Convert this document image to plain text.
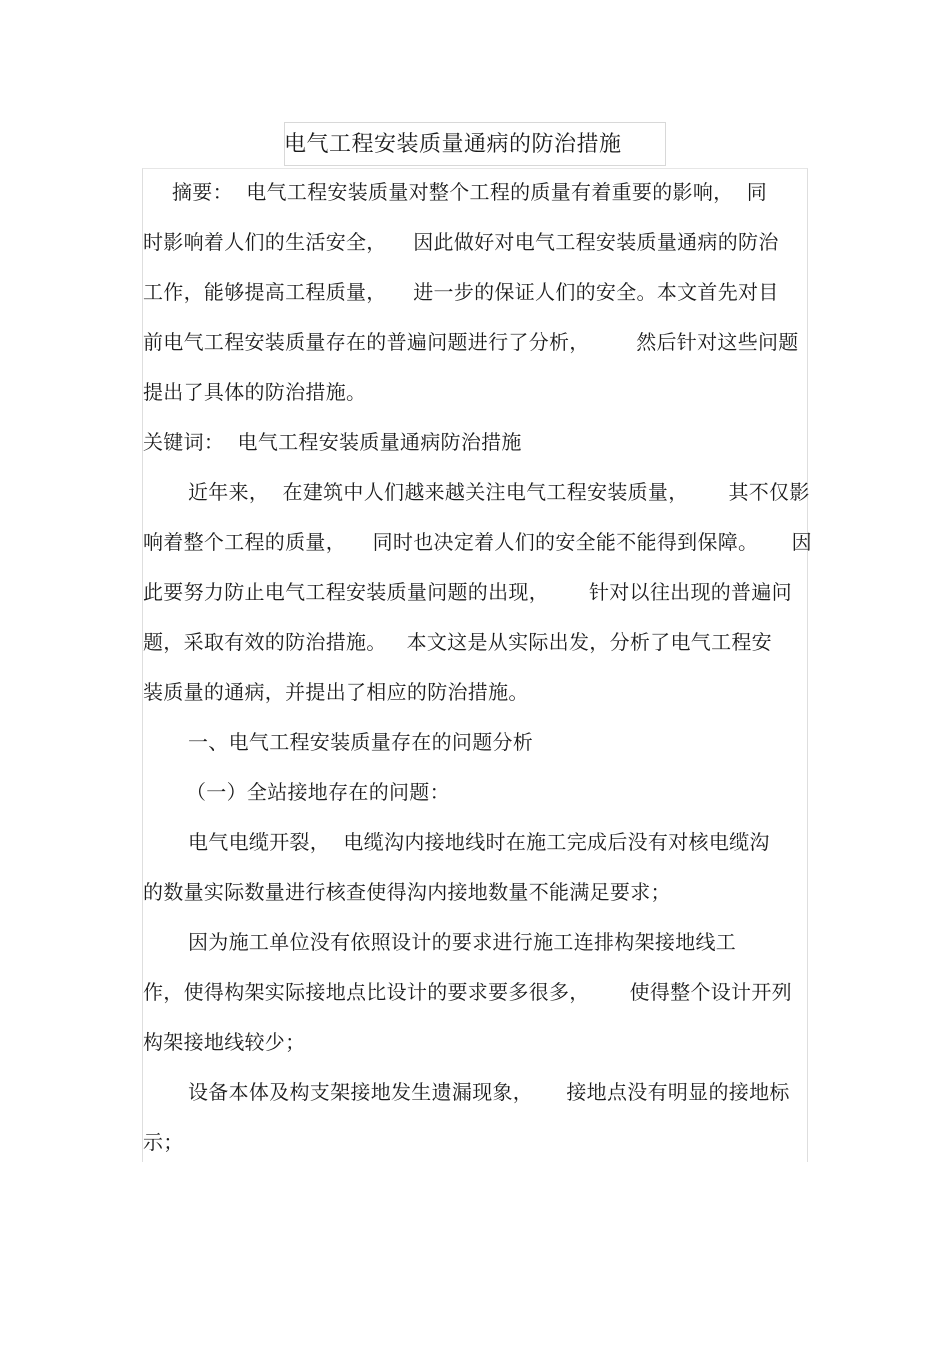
电气工程安装质量通病的防治措施
摘要：  电气工程安装质量对整个工程的质量有着重要的影响，  同
时影响着人们的生活安全，    因此做好对电气工程安装质量通病的防治
工作，能够提高工程质量，    进一步的保证人们的安全。本文首先对目
前电气工程安装质量存在的普遍问题进行了分析，       然后针对这些问题
提出了具体的防治措施。
关键词：  电气工程安装质量通病防治措施
近年来，  在建筑中人们越来越关注电气工程安装质量，      其不仅影
响着整个工程的质量，    同时也决定着人们的安全能不能得到保障。     因
此要努力防止电气工程安装质量问题的出现，      针对以往出现的普遍问
题，采取有效的防治措施。   本文这是从实际出发，分析了电气工程安
装质量的通病，并提出了相应的防治措施。
一、电气工程安装质量存在的问题分析
（一）全站接地存在的问题：
电气电缆开裂，  电缆沟内接地线时在施工完成后没有对核电缆沟
的数量实际数量进行核查使得沟内接地数量不能满足要求；
因为施工单位没有依照设计的要求进行施工连排构架接地线工
作，使得构架实际接地点比设计的要求要多很多，      使得整个设计开列
构架接地线较少；
设备本体及构支架接地发生遗漏现象，     接地点没有明显的接地标
示；
